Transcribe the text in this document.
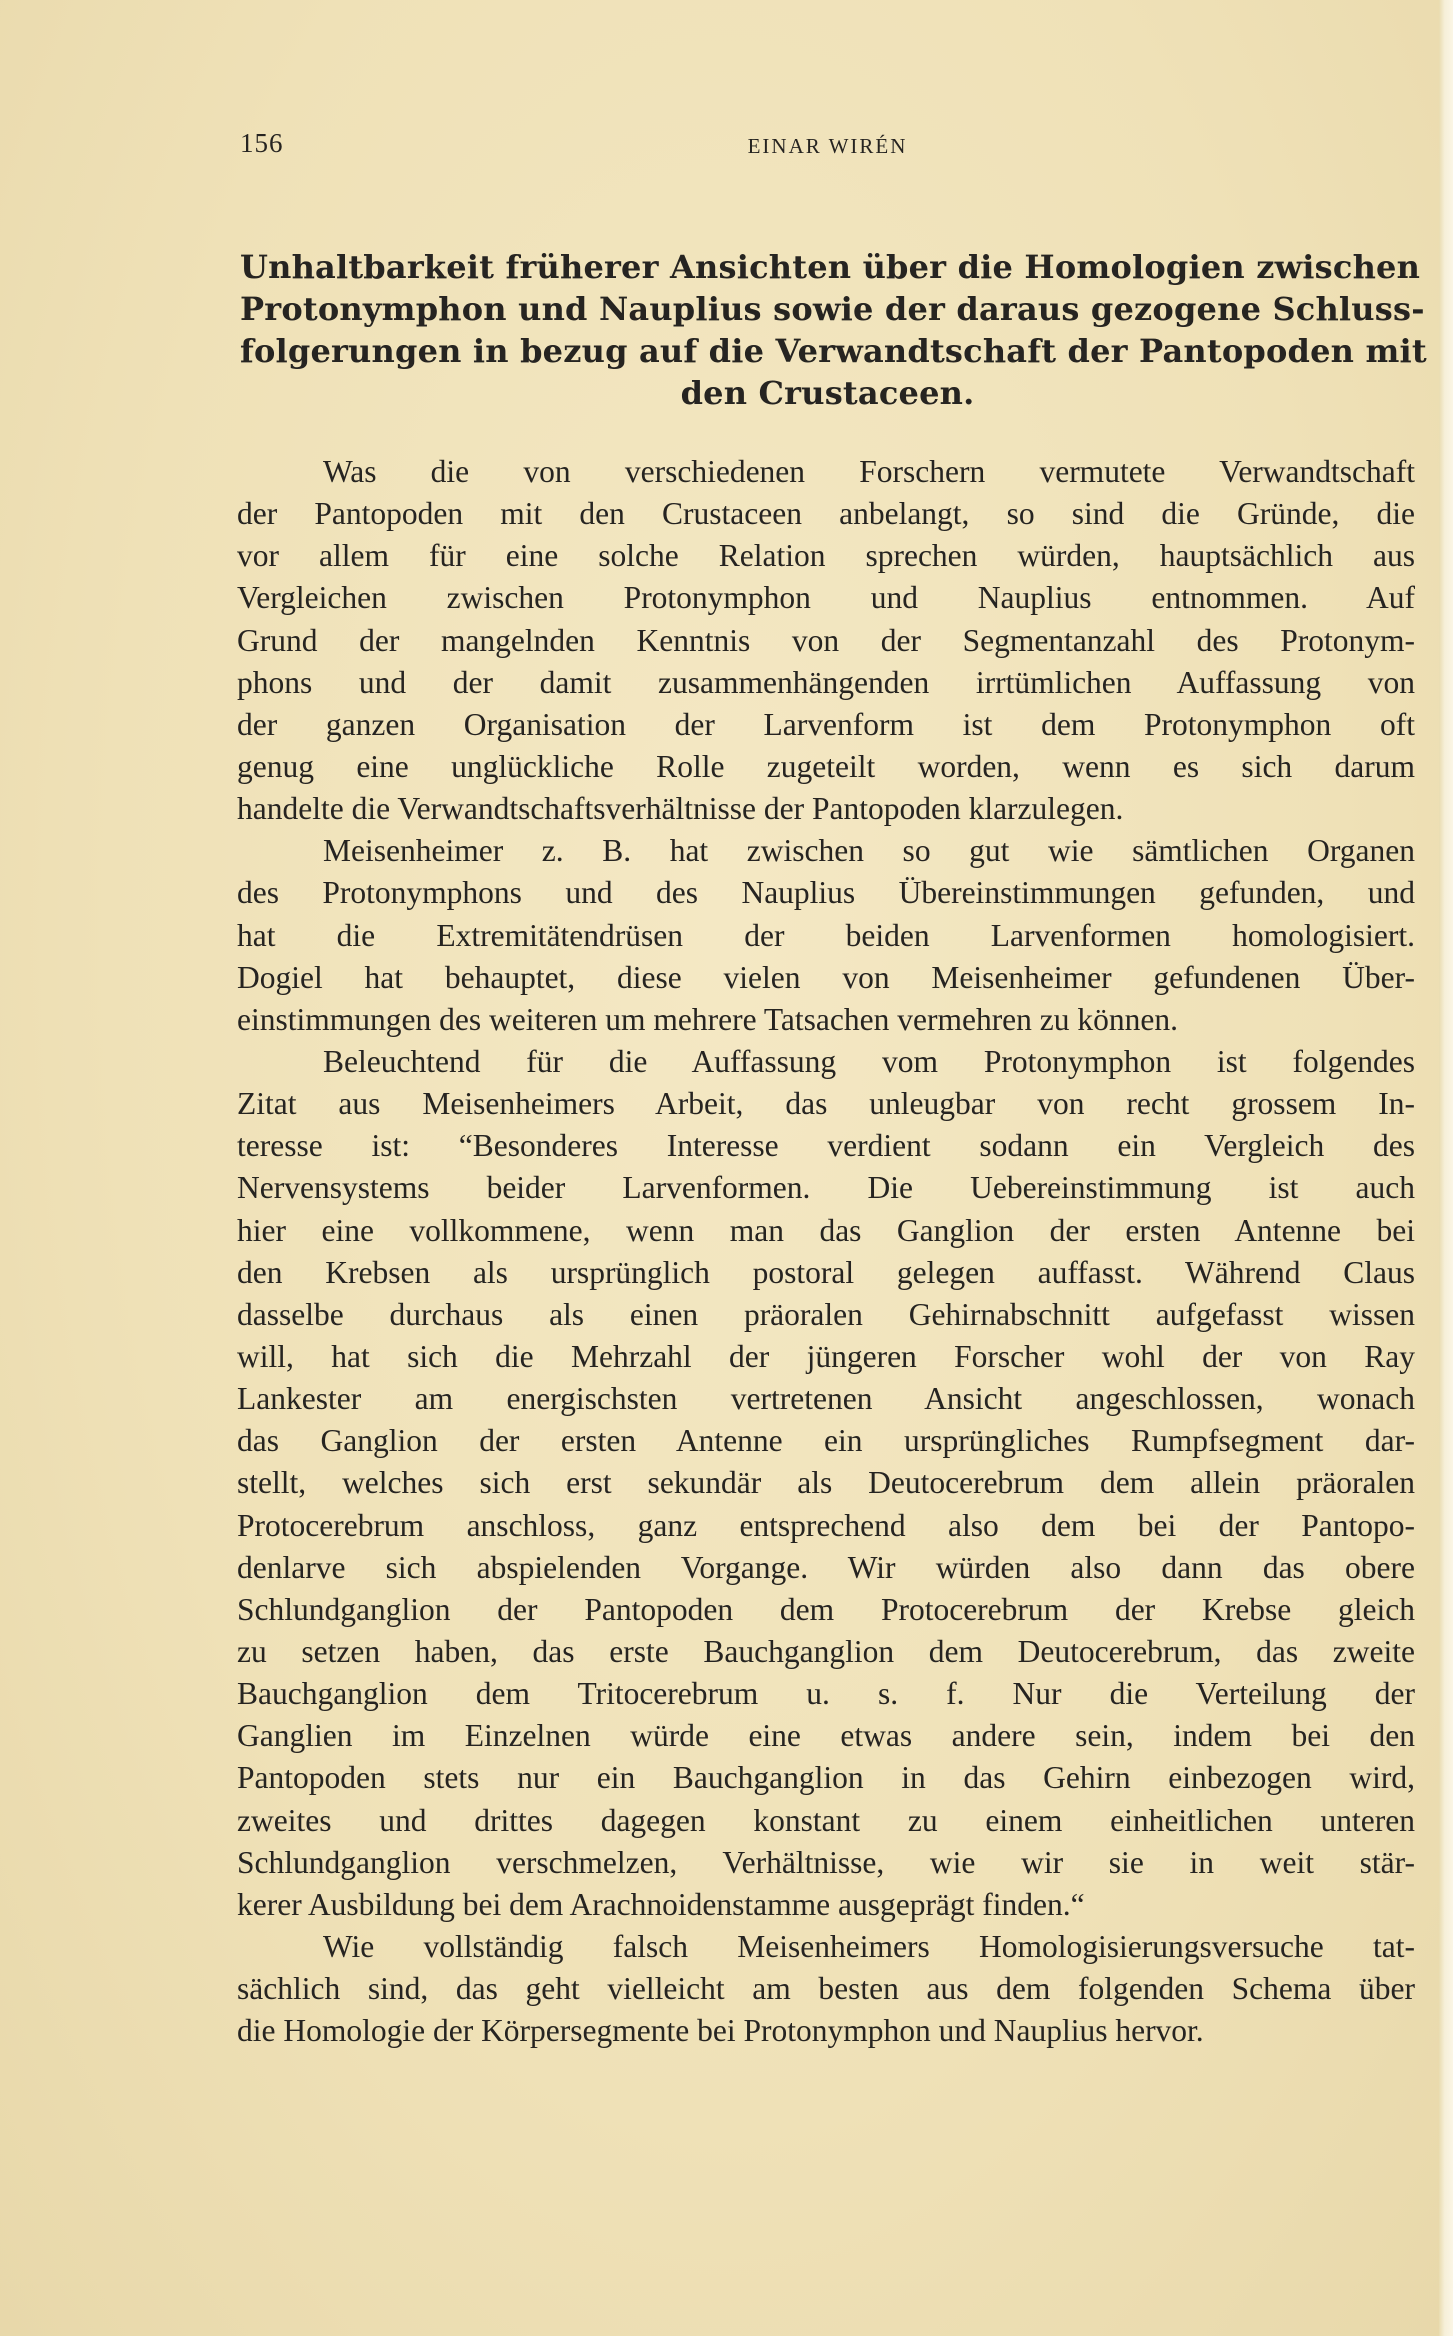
156	EINAR WIRÉN
Unhaltbarkeit früherer Ansichten über die Homologien zwischen
Protonymphon und Nauplius sowie der daraus gezogene Schluss-
folgerungen in bezug auf die Verwandtschaft der Pantopoden mit
den Crustaceen.
Was die von verschiedenen Forschern vermutete Verwandtschaft
der Pantopoden mit den Crustaceen anbelangt, so sind die Gründe, die
vor allem für eine solche Relation sprechen würden, hauptsächlich aus
Vergleichen zwischen Protonymphon und Nauplius entnommen. Auf
Grund der mangelnden Kenntnis von der Segmentanzahl des Protonym-
phons und der damit zusammenhängenden irrtümlichen Auffassung von
der ganzen Organisation der Larvenform ist dem Protonymphon oft
genug eine unglückliche Rolle zugeteilt worden, wenn es sich darum
handelte die Verwandtschaftsverhältnisse der Pantopoden klarzulegen.
Meisenheimer z. B. hat zwischen so gut wie sämtlichen Organen
des Protonymphons und des Nauplius Übereinstimmungen gefunden, und
hat die Extremitätendrüsen der beiden Larvenformen homologisiert.
Dogiel hat behauptet, diese vielen von Meisenheimer gefundenen Über-
einstimmungen des weiteren um mehrere Tatsachen vermehren zu können.
Beleuchtend für die Auffassung vom Protonymphon ist folgendes
Zitat aus Meisenheimers Arbeit, das unleugbar von recht grossem In-
teresse ist: “Besonderes Interesse verdient sodann ein Vergleich des
Nervensystems beider Larvenformen. Die Uebereinstimmung ist auch
hier eine vollkommene, wenn man das Ganglion der ersten Antenne bei
den Krebsen als ursprünglich postoral gelegen auffasst. Während Claus
dasselbe durchaus als einen präoralen Gehirnabschnitt aufgefasst wissen
will, hat sich die Mehrzahl der jüngeren Forscher wohl der von Ray
Lankester am energischsten vertretenen Ansicht angeschlossen, wonach
das Ganglion der ersten Antenne ein ursprüngliches Rumpfsegment dar-
stellt, welches sich erst sekundär als Deutocerebrum dem allein präoralen
Protocerebrum anschloss, ganz entsprechend also dem bei der Pantopo-
denlarve sich abspielenden Vorgange. Wir würden also dann das obere
Schlundganglion der Pantopoden dem Protocerebrum der Krebse gleich
zu setzen haben, das erste Bauchganglion dem Deutocerebrum, das zweite
Bauchganglion dem Tritocerebrum u. s. f. Nur die Verteilung der
Ganglien im Einzelnen würde eine etwas andere sein, indem bei den
Pantopoden stets nur ein Bauchganglion in das Gehirn einbezogen wird,
zweites und drittes dagegen konstant zu einem einheitlichen unteren
Schlundganglion verschmelzen, Verhältnisse, wie wir sie in weit stär-
kerer Ausbildung bei dem Arachnoidenstamme ausgeprägt finden.“
Wie vollständig falsch Meisenheimers Homologisierungsversuche tat-
sächlich sind, das geht vielleicht am besten aus dem folgenden Schema über
die Homologie der Körpersegmente bei Protonymphon und Nauplius hervor.
